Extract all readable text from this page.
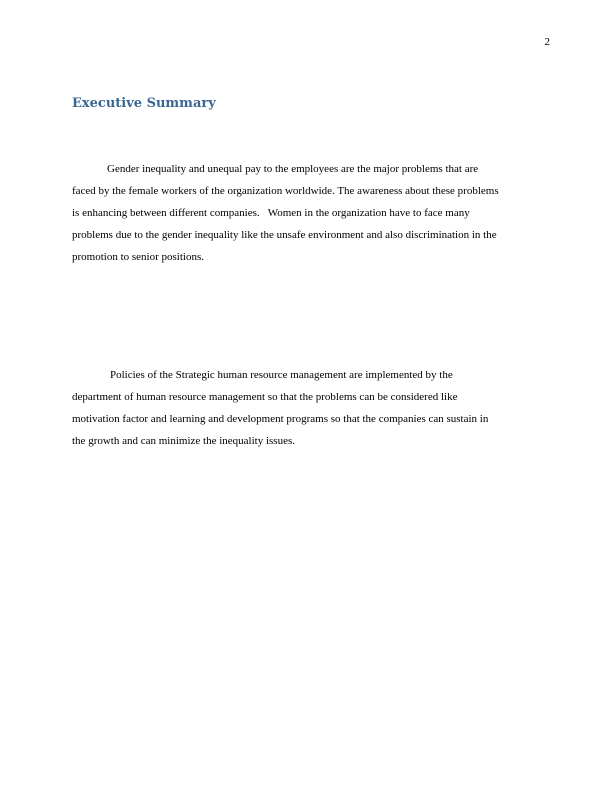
2
Executive Summary

Gender inequality and unequal pay to the employees are the major problems that are
faced by the female workers of the organization worldwide. The awareness about these problems
is enhancing between different companies.   Women in the organization have to face many
problems due to the gender inequality like the unsafe environment and also discrimination in the
promotion to senior positions.

Policies of the Strategic human resource management are implemented by the
department of human resource management so that the problems can be considered like
motivation factor and learning and development programs so that the companies can sustain in
the growth and can minimize the inequality issues.
